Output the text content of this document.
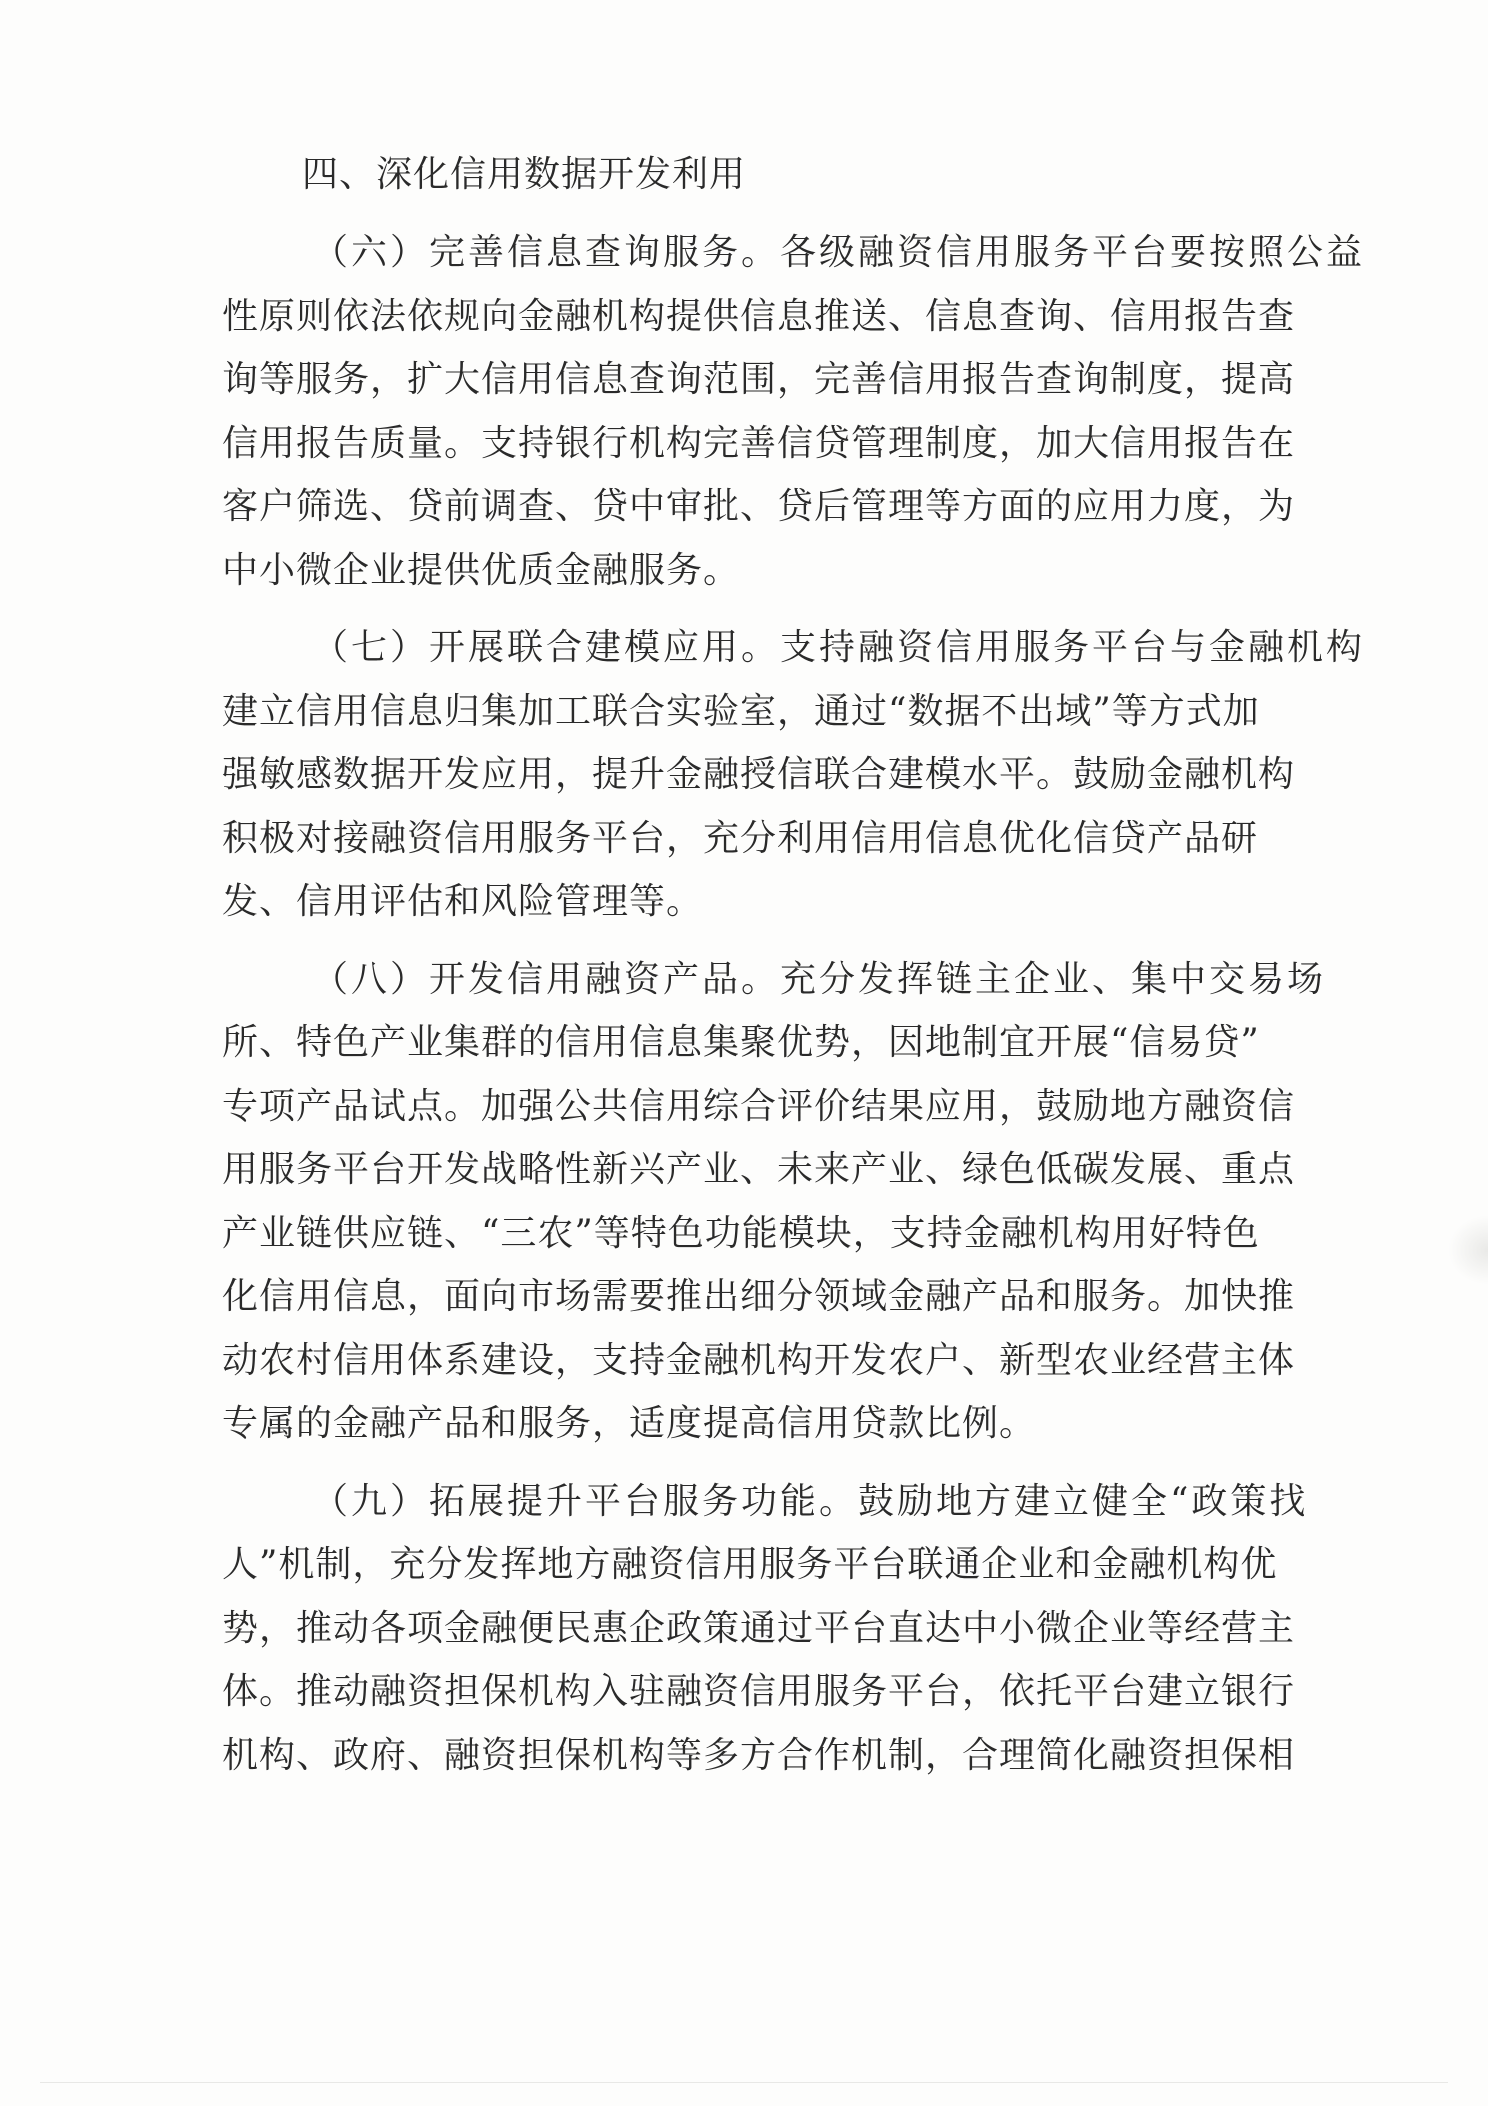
四、深化信用数据开发利用
（六）完善信息查询服务。各级融资信用服务平台要按照公益
性原则依法依规向金融机构提供信息推送、信息查询、信用报告查
询等服务，扩大信用信息查询范围，完善信用报告查询制度，提高
信用报告质量。支持银行机构完善信贷管理制度，加大信用报告在
客户筛选、贷前调查、贷中审批、贷后管理等方面的应用力度，为
中小微企业提供优质金融服务。
（七）开展联合建模应用。支持融资信用服务平台与金融机构
建立信用信息归集加工联合实验室，通过“数据不出域”等方式加
强敏感数据开发应用，提升金融授信联合建模水平。鼓励金融机构
积极对接融资信用服务平台，充分利用信用信息优化信贷产品研
发、信用评估和风险管理等。
（八）开发信用融资产品。充分发挥链主企业、集中交易场
所、特色产业集群的信用信息集聚优势，因地制宜开展“信易贷”
专项产品试点。加强公共信用综合评价结果应用，鼓励地方融资信
用服务平台开发战略性新兴产业、未来产业、绿色低碳发展、重点
产业链供应链、“三农”等特色功能模块，支持金融机构用好特色
化信用信息，面向市场需要推出细分领域金融产品和服务。加快推
动农村信用体系建设，支持金融机构开发农户、新型农业经营主体
专属的金融产品和服务，适度提高信用贷款比例。
（九）拓展提升平台服务功能。鼓励地方建立健全“政策找
人”机制，充分发挥地方融资信用服务平台联通企业和金融机构优
势，推动各项金融便民惠企政策通过平台直达中小微企业等经营主
体。推动融资担保机构入驻融资信用服务平台，依托平台建立银行
机构、政府、融资担保机构等多方合作机制，合理简化融资担保相
